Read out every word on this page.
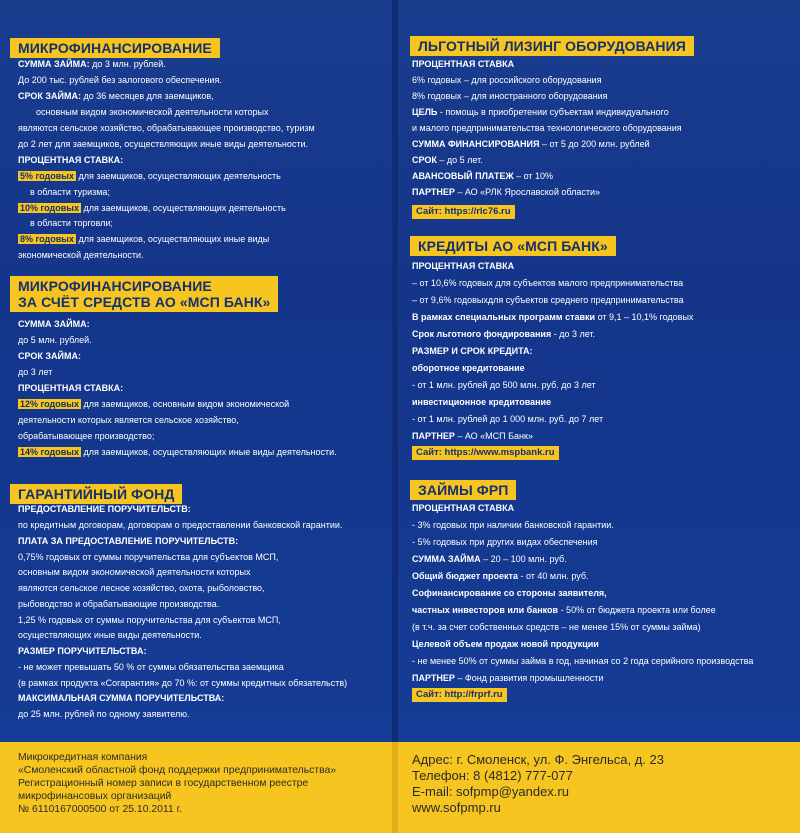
МИКРОФИНАНСИРОВАНИЕ
СУММА ЗАЙМА: до 3 млн. рублей.
До 200 тыс. рублей без залогового обеспечения.
СРОК ЗАЙМА: до 36 месяцев для заемщиков,
основным видом экономической деятельности которых
являются сельское хозяйство, обрабатывающее производство, туризм
до 2 лет для заемщиков, осуществляющих иные виды деятельности.
ПРОЦЕНТНАЯ СТАВКА:
5% годовых для заемщиков, осуществляющих деятельность
в области туризма;
10% годовых для заемщиков, осуществляющих деятельность
в области торговли;
8% годовых для заемщиков, осуществляющих иные виды
экономической деятельности.
МИКРОФИНАНСИРОВАНИЕ
ЗА СЧЁТ СРЕДСТВ АО «МСП БАНК»
СУММА ЗАЙМА:
до 5 млн. рублей.
СРОК ЗАЙМА:
до 3 лет
ПРОЦЕНТНАЯ СТАВКА:
12% годовых для заемщиков, основным видом экономической
деятельности которых является сельское хозяйство,
обрабатывающее производство;
14% годовых для заемщиков, осуществляющих иные виды деятельности.
ГАРАНТИЙНЫЙ ФОНД
ПРЕДОСТАВЛЕНИЕ ПОРУЧИТЕЛЬСТВ:
по кредитным договорам, договорам о предоставлении банковской гарантии.
ПЛАТА ЗА ПРЕДОСТАВЛЕНИЕ ПОРУЧИТЕЛЬСТВ:
0,75% годовых от суммы поручительства для субъектов МСП,
основным видом экономической деятельности которых
являются сельское лесное хозяйство, охота, рыболовство,
рыбоводство и обрабатывающие производства.
1,25 % годовых от суммы поручительства для субъектов МСП,
осуществляющих иные виды деятельности.
РАЗМЕР ПОРУЧИТЕЛЬСТВА:
- не может превышать 50 % от суммы обязательства заемщика
(в рамках продукта «Согарантия» до 70 %: от суммы кредитных обязательств)
МАКСИМАЛЬНАЯ СУММА ПОРУЧИТЕЛЬСТВА:
до 25 млн. рублей по одному заявителю.
ЛЬГОТНЫЙ ЛИЗИНГ ОБОРУДОВАНИЯ
ПРОЦЕНТНАЯ СТАВКА
6% годовых – для российского оборудования
8% годовых – для иностранного оборудования
ЦЕЛЬ - помощь в приобретении субъектам индивидуального
и малого предпринимательства технологического оборудования
СУММА ФИНАНСИРОВАНИЯ – от 5 до 200 млн. рублей
СРОК – до 5 лет.
АВАНСОВЫЙ ПЛАТЕЖ – от 10%
ПАРТНЕР – АО «РЛК Ярославской области»
Сайт: https://rlc76.ru
КРЕДИТЫ АО «МСП БАНК»
ПРОЦЕНТНАЯ СТАВКА
– от 10,6% годовых для субъектов малого предпринимательства
– от 9,6% годовыхдля субъектов среднего предпринимательства
В рамках специальных программ ставки от 9,1 – 10,1% годовых
Срок льготного фондирования - до 3 лет.
РАЗМЕР И СРОК КРЕДИТА:
оборотное кредитование
- от 1 млн. рублей до 500 млн. руб. до 3 лет
инвестиционное кредитование
- от 1 млн. рублей до 1 000 млн. руб. до 7 лет
ПАРТНЕР – АО «МСП Банк»
Сайт: https://www.mspbank.ru
ЗАЙМЫ ФРП
ПРОЦЕНТНАЯ СТАВКА
- 3% годовых при наличии банковской гарантии.
- 5% годовых при других видах обеспечения
СУММА ЗАЙМА – 20 – 100 млн. руб.
Общий бюджет проекта - от 40 млн. руб.
Софинансирование со стороны заявителя,
частных инвесторов или банков - 50% от бюджета проекта или более
(в т.ч. за счет собственных средств – не менее 15% от суммы займа)
Целевой объем продаж новой продукции
- не менее 50% от суммы займа в год, начиная со 2 года серийного производства
ПАРТНЕР – Фонд развития промышленности
Сайт: http://frprf.ru
Микрокредитная компания
«Смоленский областной фонд поддержки предпринимательства»
Регистрационный номер записи в государственном реестре
микрофинансовых организаций
№ 6110167000500 от 25.10.2011 г.
Адрес: г. Смоленск, ул. Ф. Энгельса, д. 23
Телефон: 8 (4812) 777-077
E-mail: sofpmp@yandex.ru
www.sofpmp.ru
